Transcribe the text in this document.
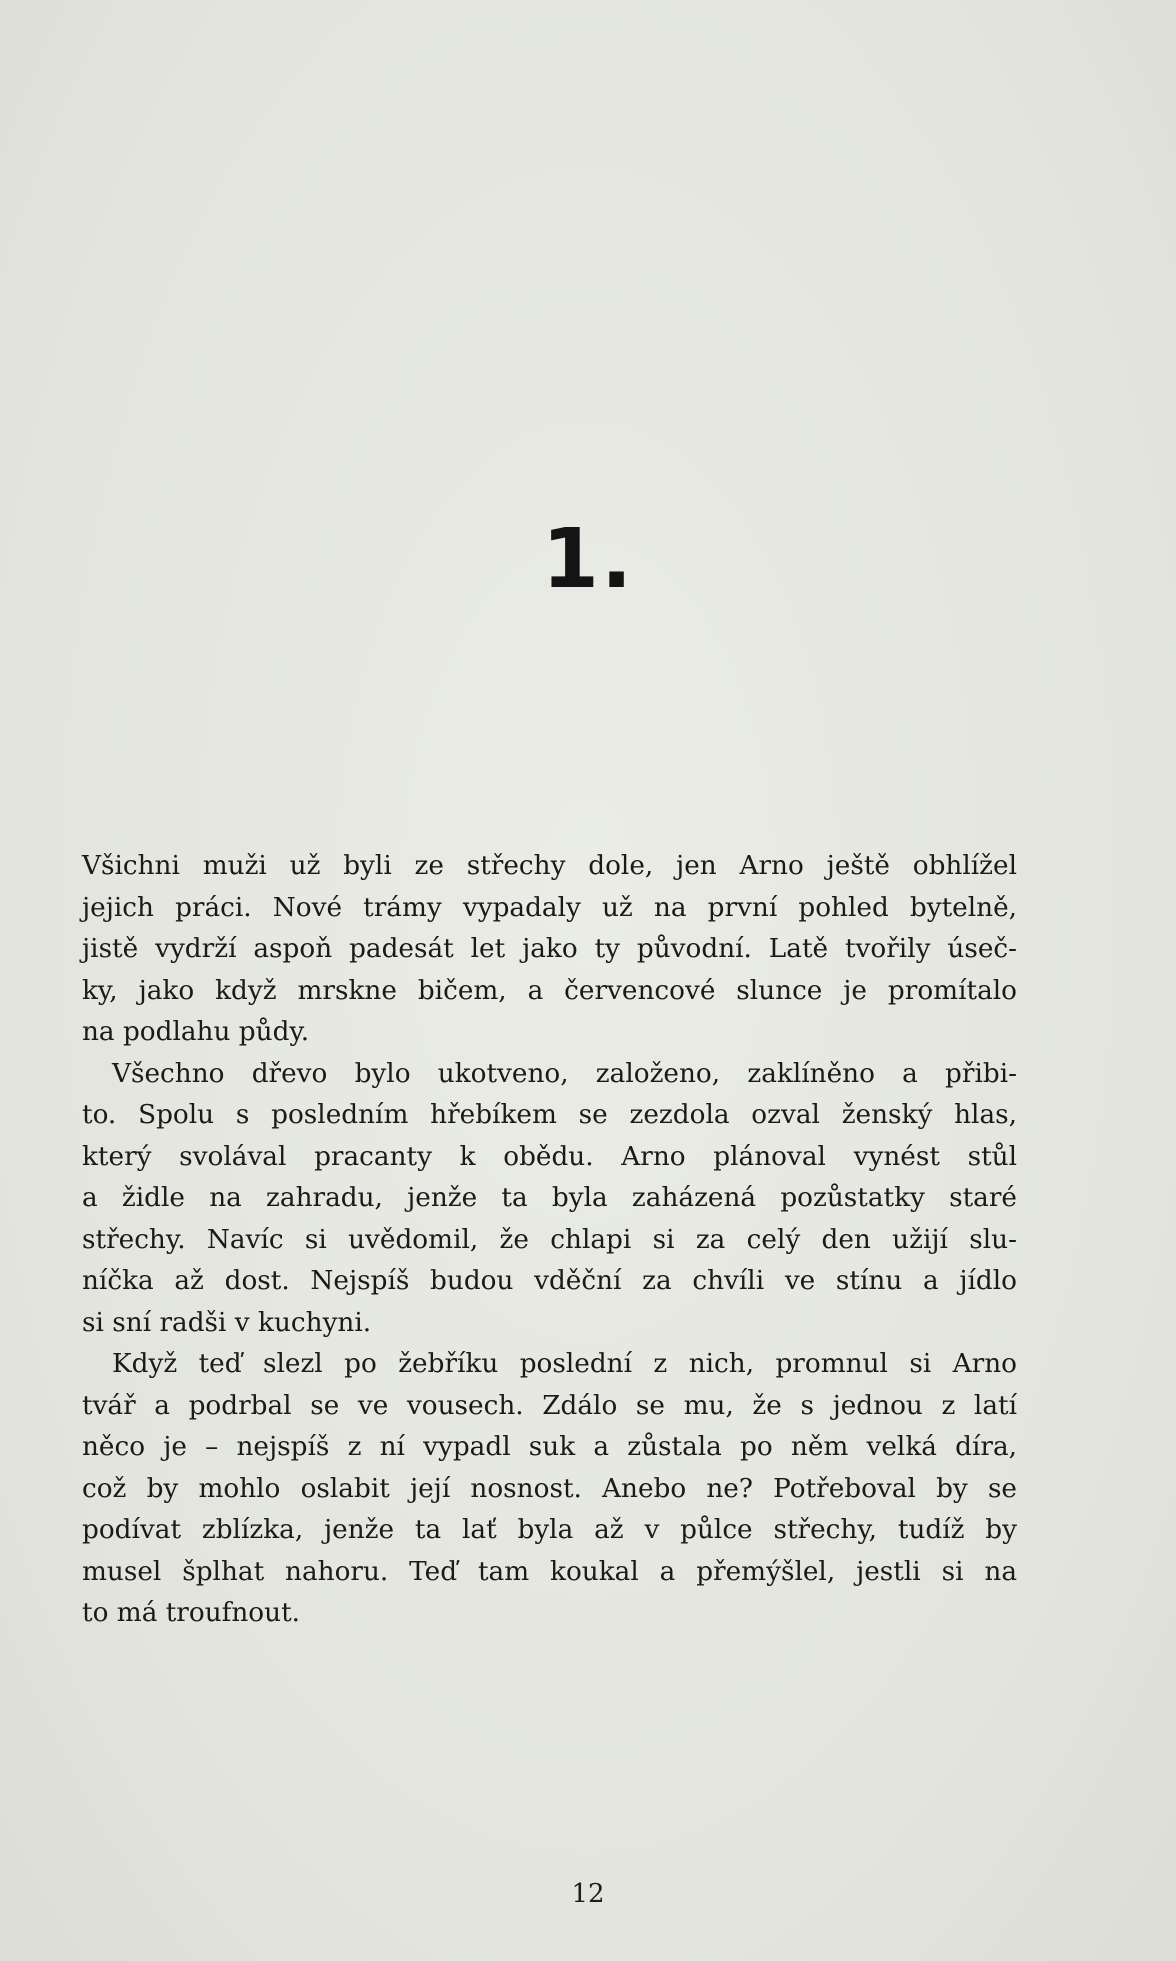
1.

Všichni muži už byli ze střechy dole, jen Arno ještě obhlížel
jejich práci. Nové trámy vypadaly už na první pohled bytelně,
jistě vydrží aspoň padesát let jako ty původní. Latě tvořily úseč-
ky, jako když mrskne bičem, a červencové slunce je promítalo
na podlahu půdy.

Všechno dřevo bylo ukotveno, založeno, zaklíněno a přibi-
to. Spolu s posledním hřebíkem se zezdola ozval ženský hlas,
který svolával pracanty k obědu. Arno plánoval vynést stůl
a židle na zahradu, jenže ta byla zaházená pozůstatky staré
střechy. Navíc si uvědomil, že chlapi si za celý den užijí slu-
níčka až dost. Nejspíš budou vděční za chvíli ve stínu a jídlo
si sní radši v kuchyni.

Když teď slezl po žebříku poslední z nich, promnul si Arno
tvář a podrbal se ve vousech. Zdálo se mu, že s jednou z latí
něco je – nejspíš z ní vypadl suk a zůstala po něm velká díra,
což by mohlo oslabit její nosnost. Anebo ne? Potřeboval by se
podívat zblízka, jenže ta lať byla až v půlce střechy, tudíž by
musel šplhat nahoru. Teď tam koukal a přemýšlel, jestli si na
to má troufnout.

12
